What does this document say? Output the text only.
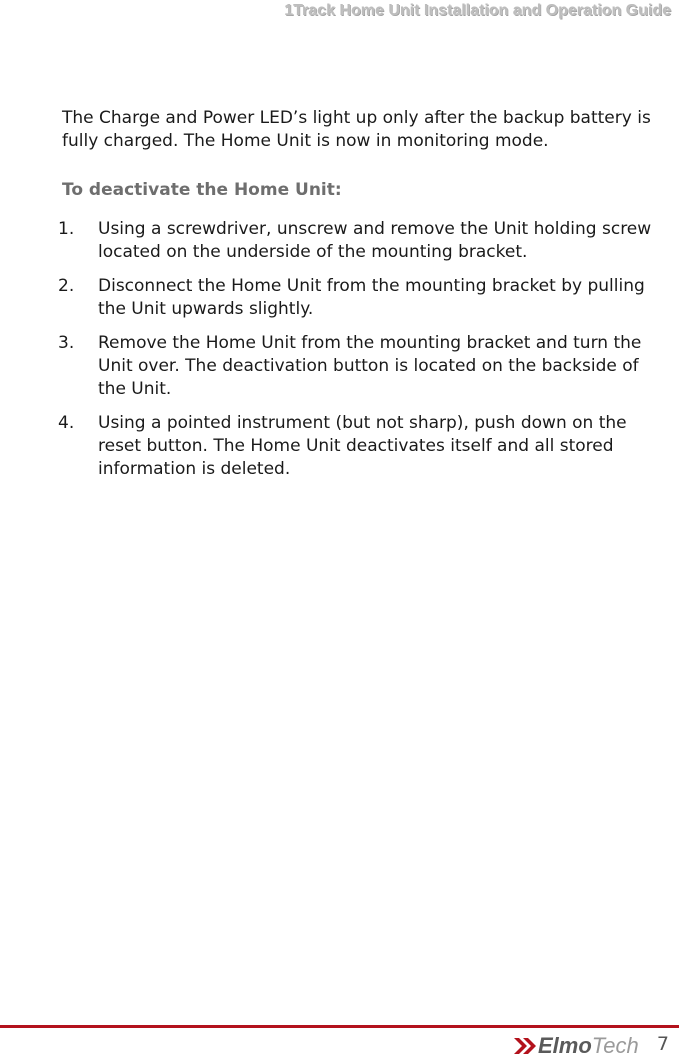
1Track Home Unit Installation and Operation Guide

The Charge and Power LED’s light up only after the backup battery is fully charged. The Home Unit is now in monitoring mode.

To deactivate the Home Unit:
1.	Using a screwdriver, unscrew and remove the Unit holding screw located on the underside of the mounting bracket.
2.	Disconnect the Home Unit from the mounting bracket by pulling the Unit upwards slightly.
3.	Remove the Home Unit from the mounting bracket and turn the Unit over. The deactivation button is located on the backside of the Unit.
4.	Using a pointed instrument (but not sharp), push down on the reset button. The Home Unit deactivates itself and all stored information is deleted.
ElmoTech 7
